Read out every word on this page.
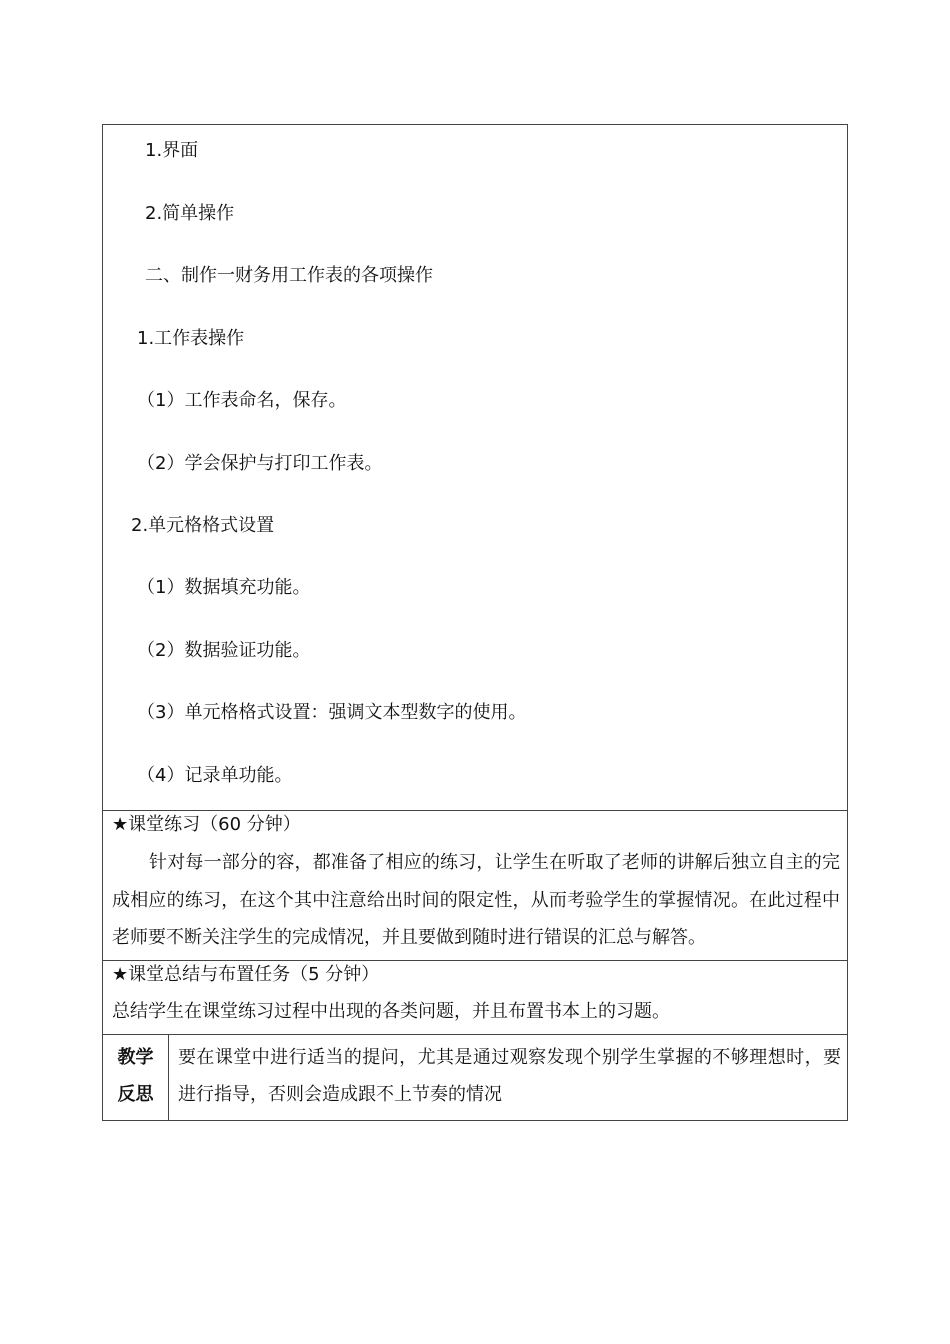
1.界面
2.简单操作
二、制作一财务用工作表的各项操作
1.工作表操作
（1）工作表命名，保存。
（2）学会保护与打印工作表。
2.单元格格式设置
（1）数据填充功能。
（2）数据验证功能。
（3）单元格格式设置：强调文本型数字的使用。
（4）记录单功能。
★课堂练习（60 分钟）
针对每一部分的容，都准备了相应的练习，让学生在听取了老师的讲解后独立自主的完成相应的练习，在这个其中注意给出时间的限定性，从而考验学生的掌握情况。在此过程中老师要不断关注学生的完成情况，并且要做到随时进行错误的汇总与解答。
★课堂总结与布置任务（5 分钟）
总结学生在课堂练习过程中出现的各类问题，并且布置书本上的习题。
教学
反思
要在课堂中进行适当的提问，尤其是通过观察发现个别学生掌握的不够理想时，要进行指导，否则会造成跟不上节奏的情况
